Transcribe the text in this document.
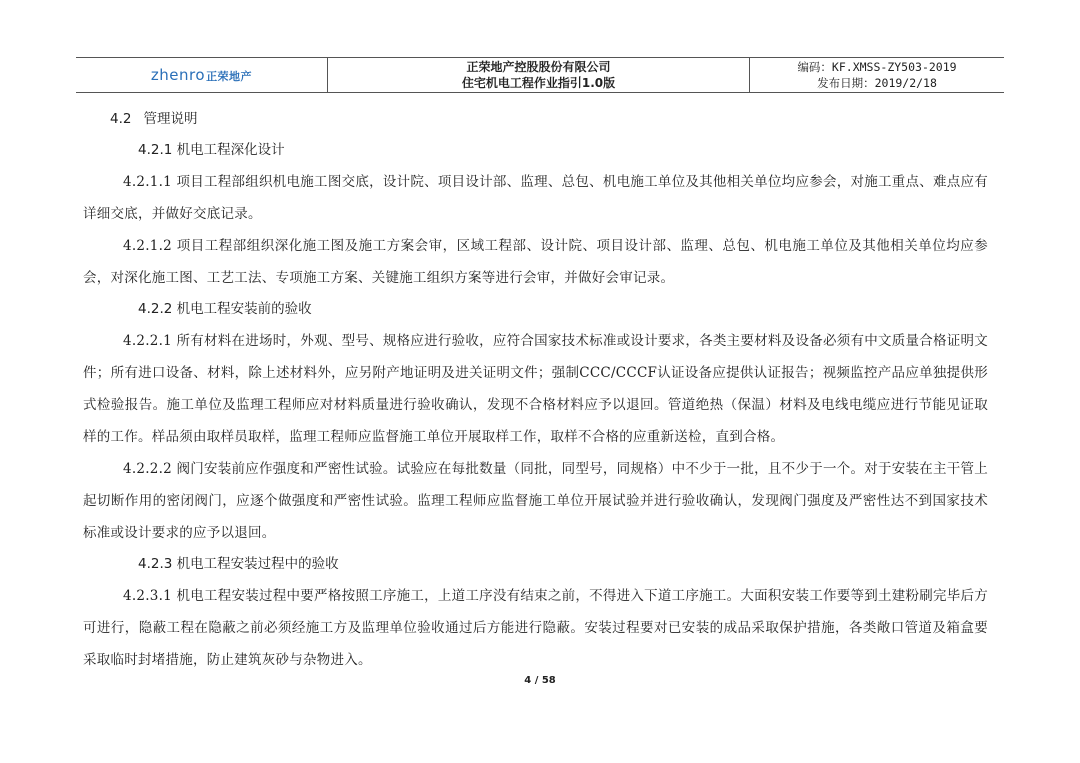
zhenro正荣地产
正荣地产控股股份有限公司
住宅机电工程作业指引1.0版
编码：KF.XMSS-ZY503-2019
发布日期：2019/2/18
4.2 管理说明
4.2.1 机电工程深化设计

4.2.1.1 项目工程部组织机电施工图交底，设计院、项目设计部、监理、总包、机电施工单位及其他相关单位均应参会，对施工重点、难点应有详细交底，并做好交底记录。

4.2.1.2 项目工程部组织深化施工图及施工方案会审，区域工程部、设计院、项目设计部、监理、总包、机电施工单位及其他相关单位均应参会，对深化施工图、工艺工法、专项施工方案、关键施工组织方案等进行会审，并做好会审记录。

4.2.2 机电工程安装前的验收

4.2.2.1 所有材料在进场时，外观、型号、规格应进行验收，应符合国家技术标准或设计要求，各类主要材料及设备必须有中文质量合格证明文件；所有进口设备、材料，除上述材料外，应另附产地证明及进关证明文件；强制CCC/CCCF认证设备应提供认证报告；视频监控产品应单独提供形式检验报告。施工单位及监理工程师应对材料质量进行验收确认，发现不合格材料应予以退回。管道绝热（保温）材料及电线电缆应进行节能见证取样的工作。样品须由取样员取样，监理工程师应监督施工单位开展取样工作，取样不合格的应重新送检，直到合格。

4.2.2.2 阀门安装前应作强度和严密性试验。试验应在每批数量（同批，同型号，同规格）中不少于一批，且不少于一个。对于安装在主干管上起切断作用的密闭阀门，应逐个做强度和严密性试验。监理工程师应监督施工单位开展试验并进行验收确认，发现阀门强度及严密性达不到国家技术标准或设计要求的应予以退回。

4.2.3 机电工程安装过程中的验收

4.2.3.1 机电工程安装过程中要严格按照工序施工，上道工序没有结束之前，不得进入下道工序施工。大面积安装工作要等到土建粉刷完毕后方可进行，隐蔽工程在隐蔽之前必须经施工方及监理单位验收通过后方能进行隐蔽。安装过程要对已安装的成品采取保护措施，各类敞口管道及箱盒要采取临时封堵措施，防止建筑灰砂与杂物进入。

4 / 58
